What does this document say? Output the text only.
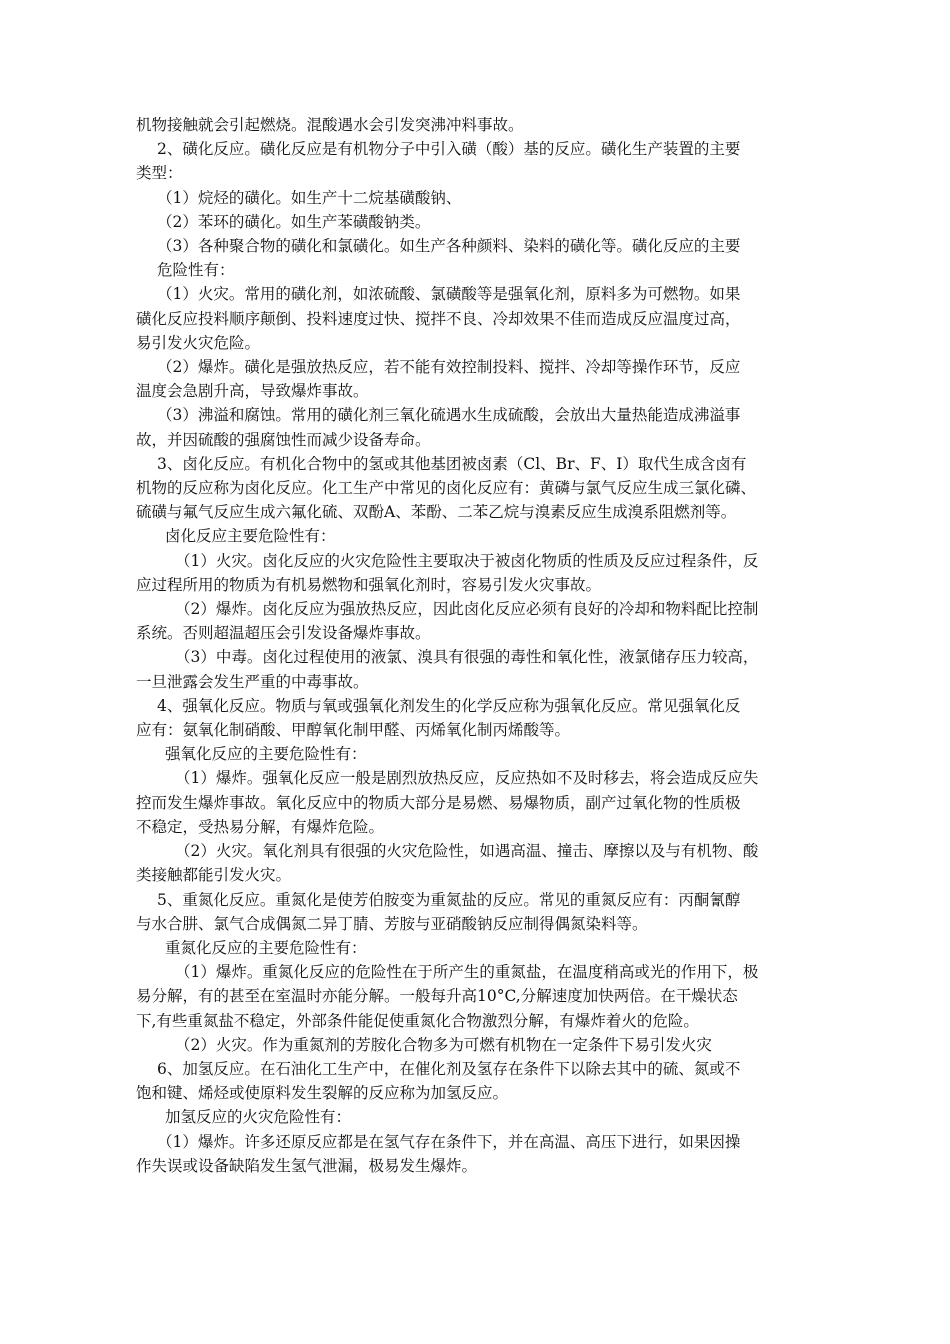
机物接触就会引起燃烧。混酸遇水会引发突沸冲料事故。

2、磺化反应。磺化反应是有机物分子中引入磺（酸）基的反应。磺化生产装置的主要

类型：

（1）烷烃的磺化。如生产十二烷基磺酸钠、

（2）苯环的磺化。如生产苯磺酸钠类。

（3）各种聚合物的磺化和氯磺化。如生产各种颜料、染料的磺化等。磺化反应的主要

危险性有：

（1）火灾。常用的磺化剂，如浓硫酸、氯磺酸等是强氧化剂，原料多为可燃物。如果

磺化反应投料顺序颠倒、投料速度过快、搅拌不良、冷却效果不佳而造成反应温度过高，

易引发火灾危险。

（2）爆炸。磺化是强放热反应，若不能有效控制投料、搅拌、冷却等操作环节，反应

温度会急剧升高，导致爆炸事故。

（3）沸溢和腐蚀。常用的磺化剂三氧化硫遇水生成硫酸，会放出大量热能造成沸溢事

故，并因硫酸的强腐蚀性而减少设备寿命。

3、卤化反应。有机化合物中的氢或其他基团被卤素（Cl、Br、F、I）取代生成含卤有

机物的反应称为卤化反应。化工生产中常见的卤化反应有：黄磷与氯气反应生成三氯化磷、

硫磺与氟气反应生成六氟化硫、双酚A、苯酚、二苯乙烷与溴素反应生成溴系阻燃剂等。

卤化反应主要危险性有：

（1）火灾。卤化反应的火灾危险性主要取决于被卤化物质的性质及反应过程条件，反

应过程所用的物质为有机易燃物和强氧化剂时，容易引发火灾事故。

（2）爆炸。卤化反应为强放热反应，因此卤化反应必须有良好的冷却和物料配比控制

系统。否则超温超压会引发设备爆炸事故。

（3）中毒。卤化过程使用的液氯、溴具有很强的毒性和氧化性，液氯储存压力较高，

一旦泄露会发生严重的中毒事故。

4、强氧化反应。物质与氧或强氧化剂发生的化学反应称为强氧化反应。常见强氧化反

应有：氨氧化制硝酸、甲醇氧化制甲醛、丙烯氧化制丙烯酸等。

强氧化反应的主要危险性有：

（1）爆炸。强氧化反应一般是剧烈放热反应，反应热如不及时移去，将会造成反应失

控而发生爆炸事故。氧化反应中的物质大部分是易燃、易爆物质，副产过氧化物的性质极

不稳定，受热易分解，有爆炸危险。

（2）火灾。氧化剂具有很强的火灾危险性，如遇高温、撞击、摩擦以及与有机物、酸

类接触都能引发火灾。

5、重氮化反应。重氮化是使芳伯胺变为重氮盐的反应。常见的重氮反应有：丙酮氰醇

与水合肼、氯气合成偶氮二异丁腈、芳胺与亚硝酸钠反应制得偶氮染料等。

重氮化反应的主要危险性有：

（1）爆炸。重氮化反应的危险性在于所产生的重氮盐，在温度稍高或光的作用下，极

易分解，有的甚至在室温时亦能分解。一般每升高10°C,分解速度加快两倍。在干燥状态

下,有些重氮盐不稳定，外部条件能促使重氮化合物激烈分解，有爆炸着火的危险。

（2）火灾。作为重氮剂的芳胺化合物多为可燃有机物在一定条件下易引发火灾

6、加氢反应。在石油化工生产中，在催化剂及氢存在条件下以除去其中的硫、氮或不

饱和键、烯烃或使原料发生裂解的反应称为加氢反应。

加氢反应的火灾危险性有：

（1）爆炸。许多还原反应都是在氢气存在条件下，并在高温、高压下进行，如果因操

作失误或设备缺陷发生氢气泄漏，极易发生爆炸。
